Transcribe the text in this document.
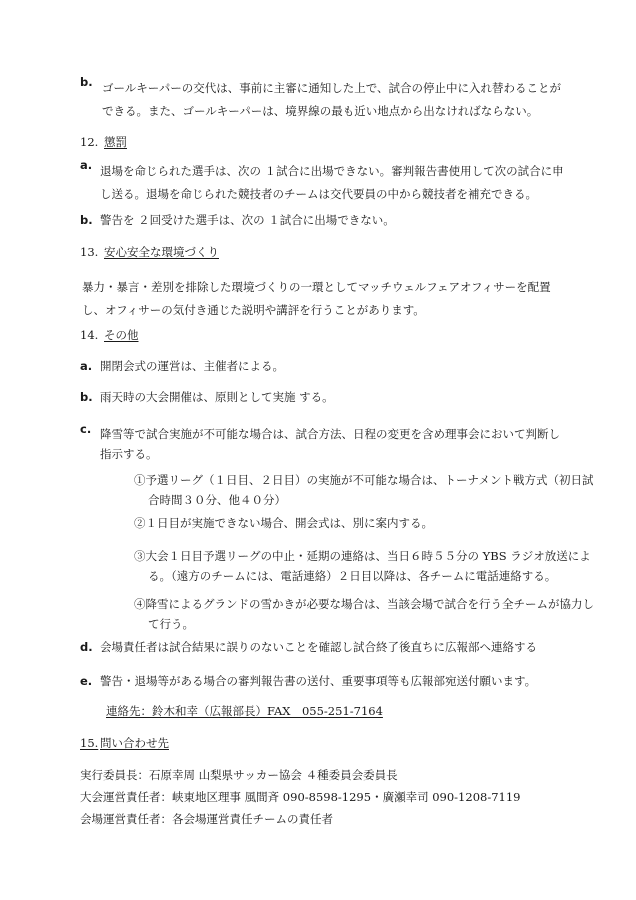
b. ゴールキーパーの交代は、事前に主審に通知した上で、試合の停止中に入れ替わることが
できる。また、ゴールキーパーは、境界線の最も近い地点から出なければならない。
12. 懲罰
a. 退場を命じられた選手は、次の １試合に出場できない。審判報告書使用して次の試合に申
し送る。退場を命じられた競技者のチームは交代要員の中から競技者を補充できる。
b. 警告を ２回受けた選手は、次の １試合に出場できない。
13. 安心安全な環境づくり
暴力・暴言・差別を排除した環境づくりの一環としてマッチウェルフェアオフィサーを配置
し、オフィサーの気付き通じた説明や講評を行うことがあります。
14. その他
a. 開閉会式の運営は、主催者による。
b. 雨天時の大会開催は、原則として実施 する。
c. 降雪等で試合実施が不可能な場合は、試合方法、日程の変更を含め理事会において判断し
指示する。
①予選リーグ（１日目、２日目）の実施が不可能な場合は、トーナメント戦方式（初日試
合時間３０分、他４０分）
②１日目が実施できない場合、開会式は、別に案内する。
③大会１日目予選リーグの中止・延期の連絡は、当日６時５５分の YBS ラジオ放送によ
る。（遠方のチームには、電話連絡）２日目以降は、各チームに電話連絡する。
④降雪によるグランドの雪かきが必要な場合は、当該会場で試合を行う全チームが協力し
て行う。
d. 会場責任者は試合結果に誤りのないことを確認し試合終了後直ちに広報部へ連絡する
e. 警告・退場等がある場合の審判報告書の送付、重要事項等も広報部宛送付願います。
連絡先：鈴木和幸（広報部長）FAX　055-251-7164
15. 問い合わせ先
実行委員長：石原幸周 山梨県サッカー協会 ４種委員会委員長
大会運営責任者：峡東地区理事 風間斉 090-8598-1295・廣瀬幸司 090-1208-7119
会場運営責任者：各会場運営責任チームの責任者
